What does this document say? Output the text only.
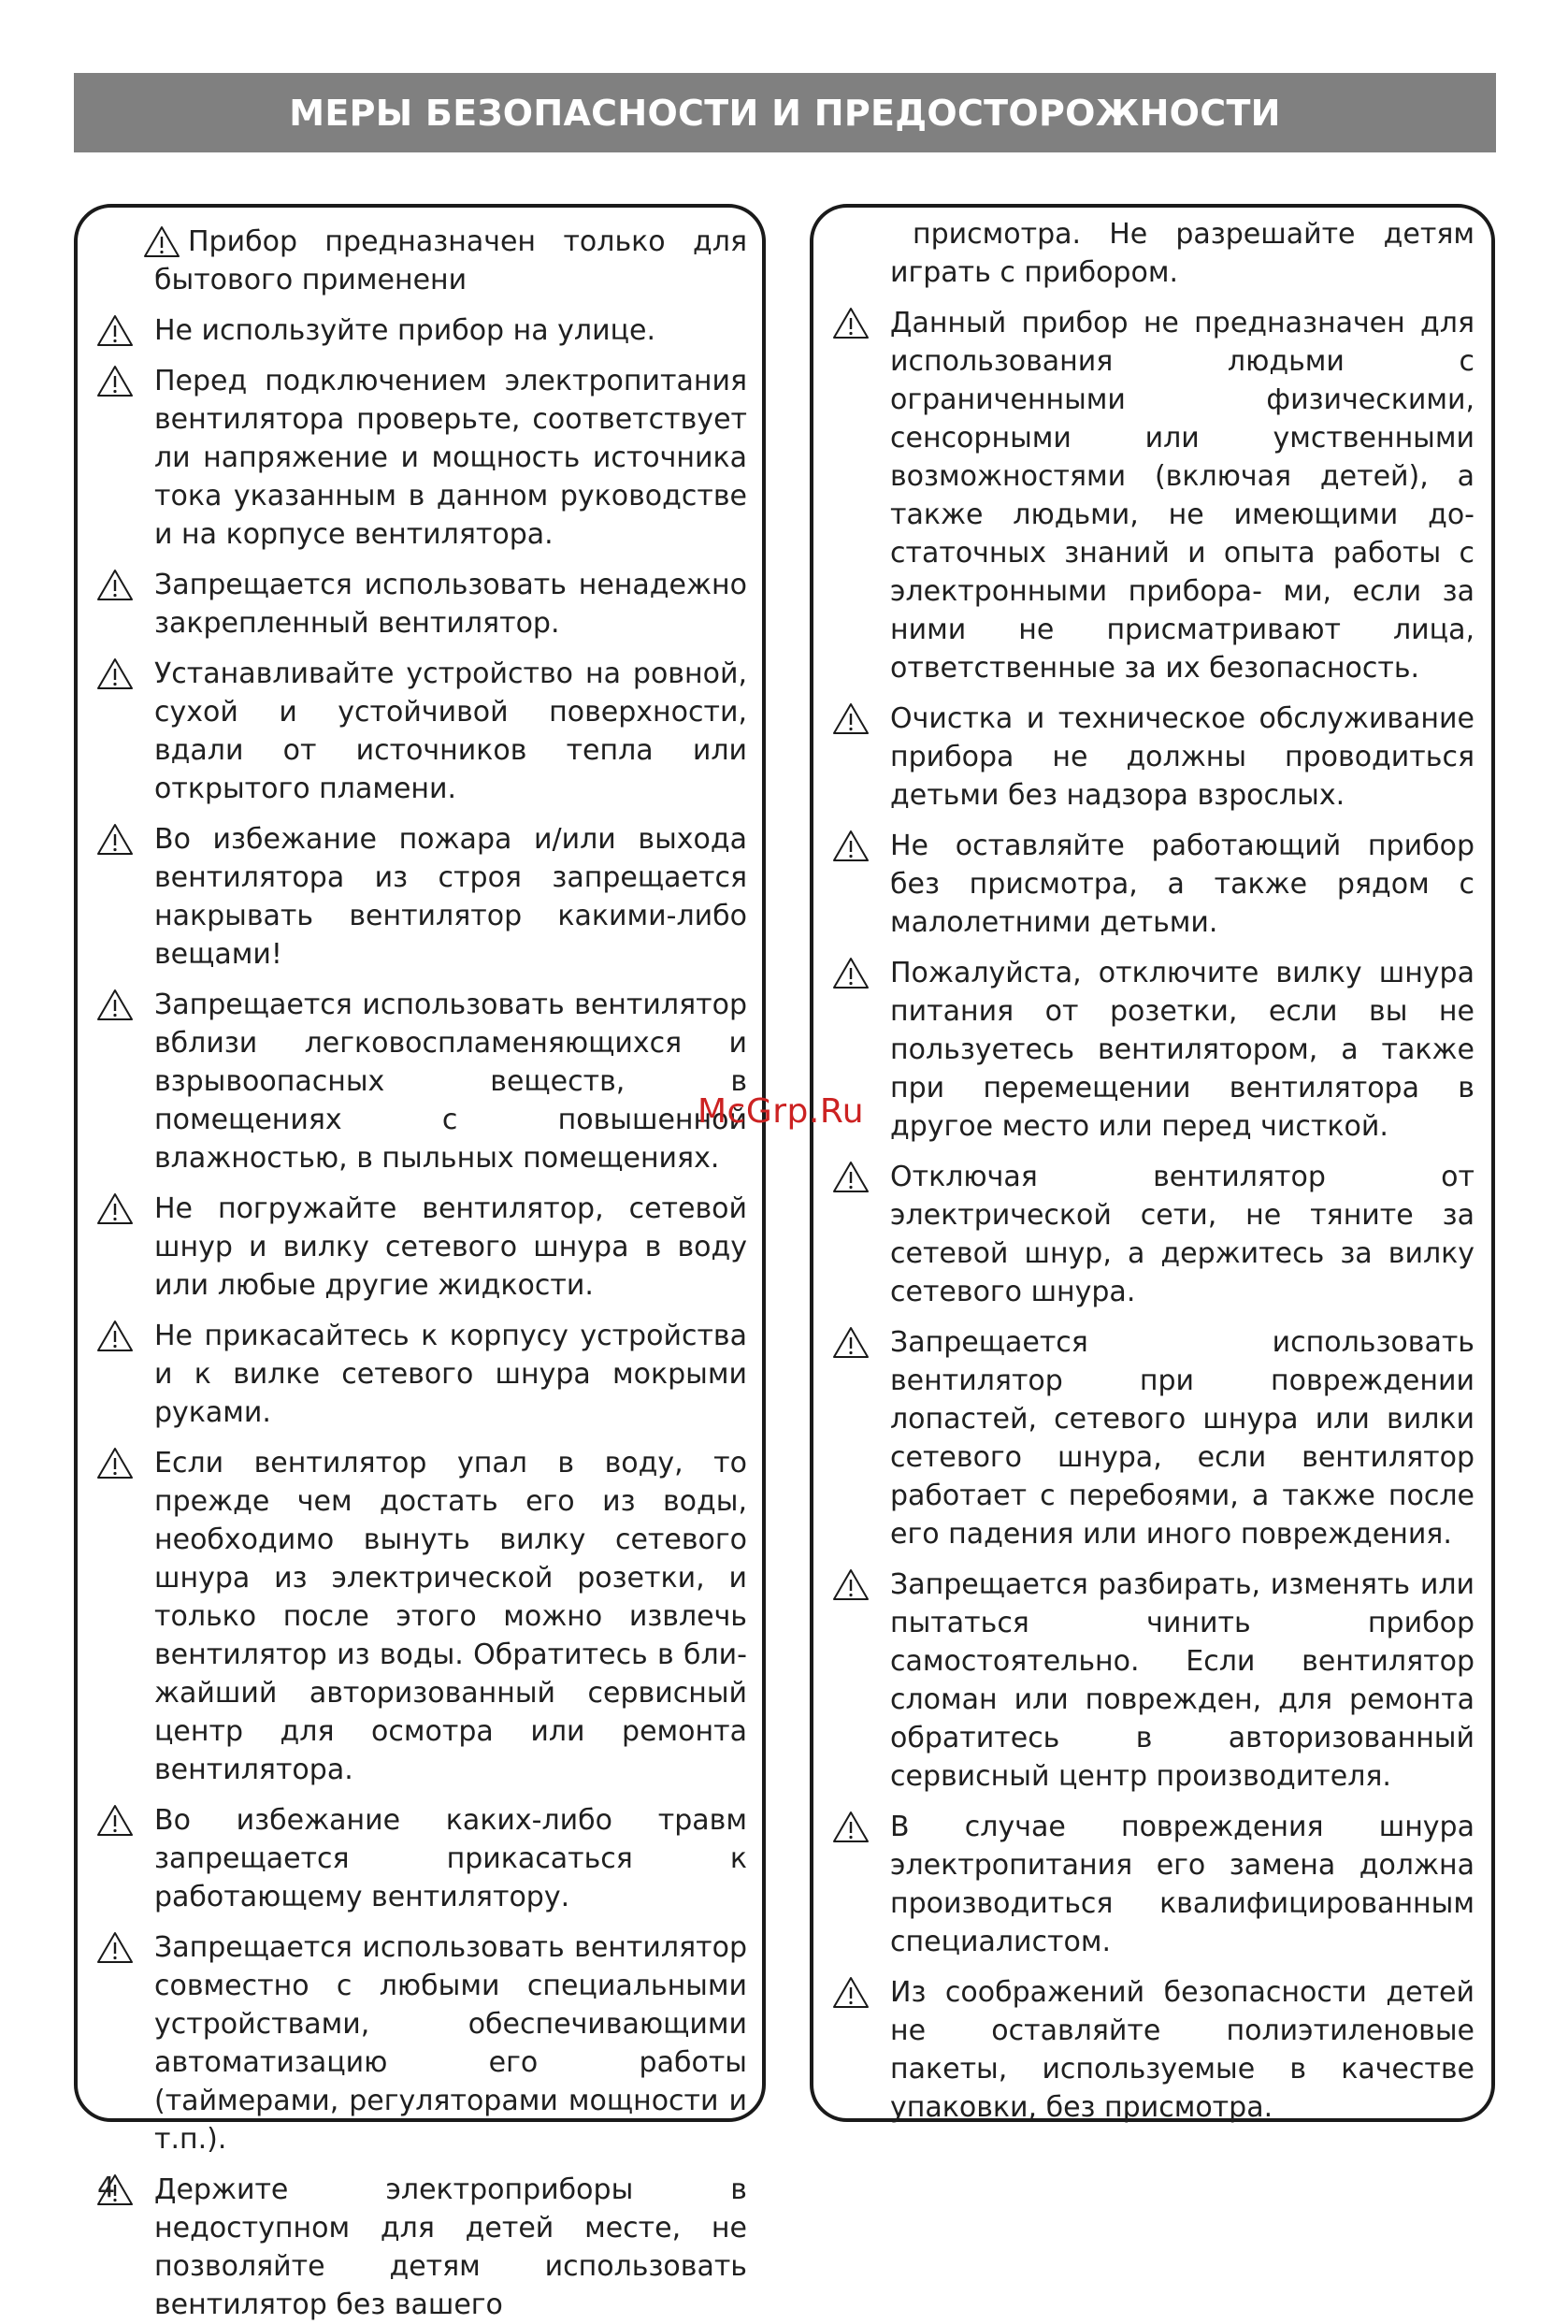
МЕРЫ БЕЗОПАСНОСТИ И ПРЕДОСТОРОЖНОСТИ
Прибор предназначен только для бытового применени
Не используйте прибор на улице.
Перед подключением электропитания вентилятора проверьте, соответствует ли напряжение и мощность источника тока указанным в данном руководстве и на корпусе вентилятора.
Запрещается использовать ненадежно закрепленный вентилятор.
Устанавливайте устройство на ровной, сухой и устойчивой поверхности, вдали от источников тепла или открытого пламени.
Во избежание пожара и/или выхода вентилятора из строя запрещается накрывать вентилятор какими-либо вещами!
Запрещается использовать вентилятор вблизи легковоспламеняющихся и взрывоопасных веществ, в помещениях с повышенной влажностью, в пыльных помещениях.
Не погружайте вентилятор, сетевой шнур и вилку сетевого шнура в воду или любые другие жидкости.
Не прикасайтесь к корпусу устройства и к вилке сетевого шнура мокрыми руками.
Если вентилятор упал в воду, то прежде чем достать его из воды, необходимо вынуть вилку сетевого шнура из электрической розетки, и только после этого можно извлечь вентилятор из воды. Обратитесь в ближайший авторизованный сервисный центр для осмотра или ремонта вентилятора.
Во избежание каких-либо травм запрещается прикасаться к работающему вентилятору.
Запрещается использовать вентилятор совместно с любыми специальными устройствами, обеспечивающими автоматизацию его работы (таймерами, регуляторами мощности и т.п.).
Держите электроприборы в недоступном для детей месте, не позволяйте детям использовать вентилятор без вашего
присмотра. Не разрешайте детям играть с прибором.
Данный прибор не предназначен для использования людьми с ограниченными физическими, сенсорными или умственными возможностями (включая детей), а также людьми, не имеющими достаточных знаний и опыта работы с электронными прибора- ми, если за ними не присматривают лица, ответственные за их безопасность.
Очистка и техническое обслуживание прибора не должны проводиться детьми без надзора взрослых.
Не оставляйте работающий прибор без присмотра, а также рядом с малолетними детьми.
Пожалуйста, отключите вилку шнура питания от розетки, если вы не пользуетесь вентилятором, а также при перемещении вентилятора в другое место или перед чисткой.
Отключая вентилятор от электрической сети, не тяните за сетевой шнур, а держитесь за вилку сетевого шнура.
Запрещается использовать вентилятор при повреждении лопастей, сетевого шнура или вилки сетевого шнура, если вентилятор работает с перебоями, а также после его падения или иного повреждения.
Запрещается разбирать, изменять или пытаться чинить прибор самостоятельно. Если вентилятор сломан или поврежден, для ремонта обратитесь в авторизованный сервисный центр производителя.
В случае повреждения шнура электропитания его замена должна производиться квалифицированным специалистом.
Из соображений безопасности детей не оставляйте полиэтиленовые пакеты, используемые в качестве упаковки, без присмотра.
McGrp.Ru
4
